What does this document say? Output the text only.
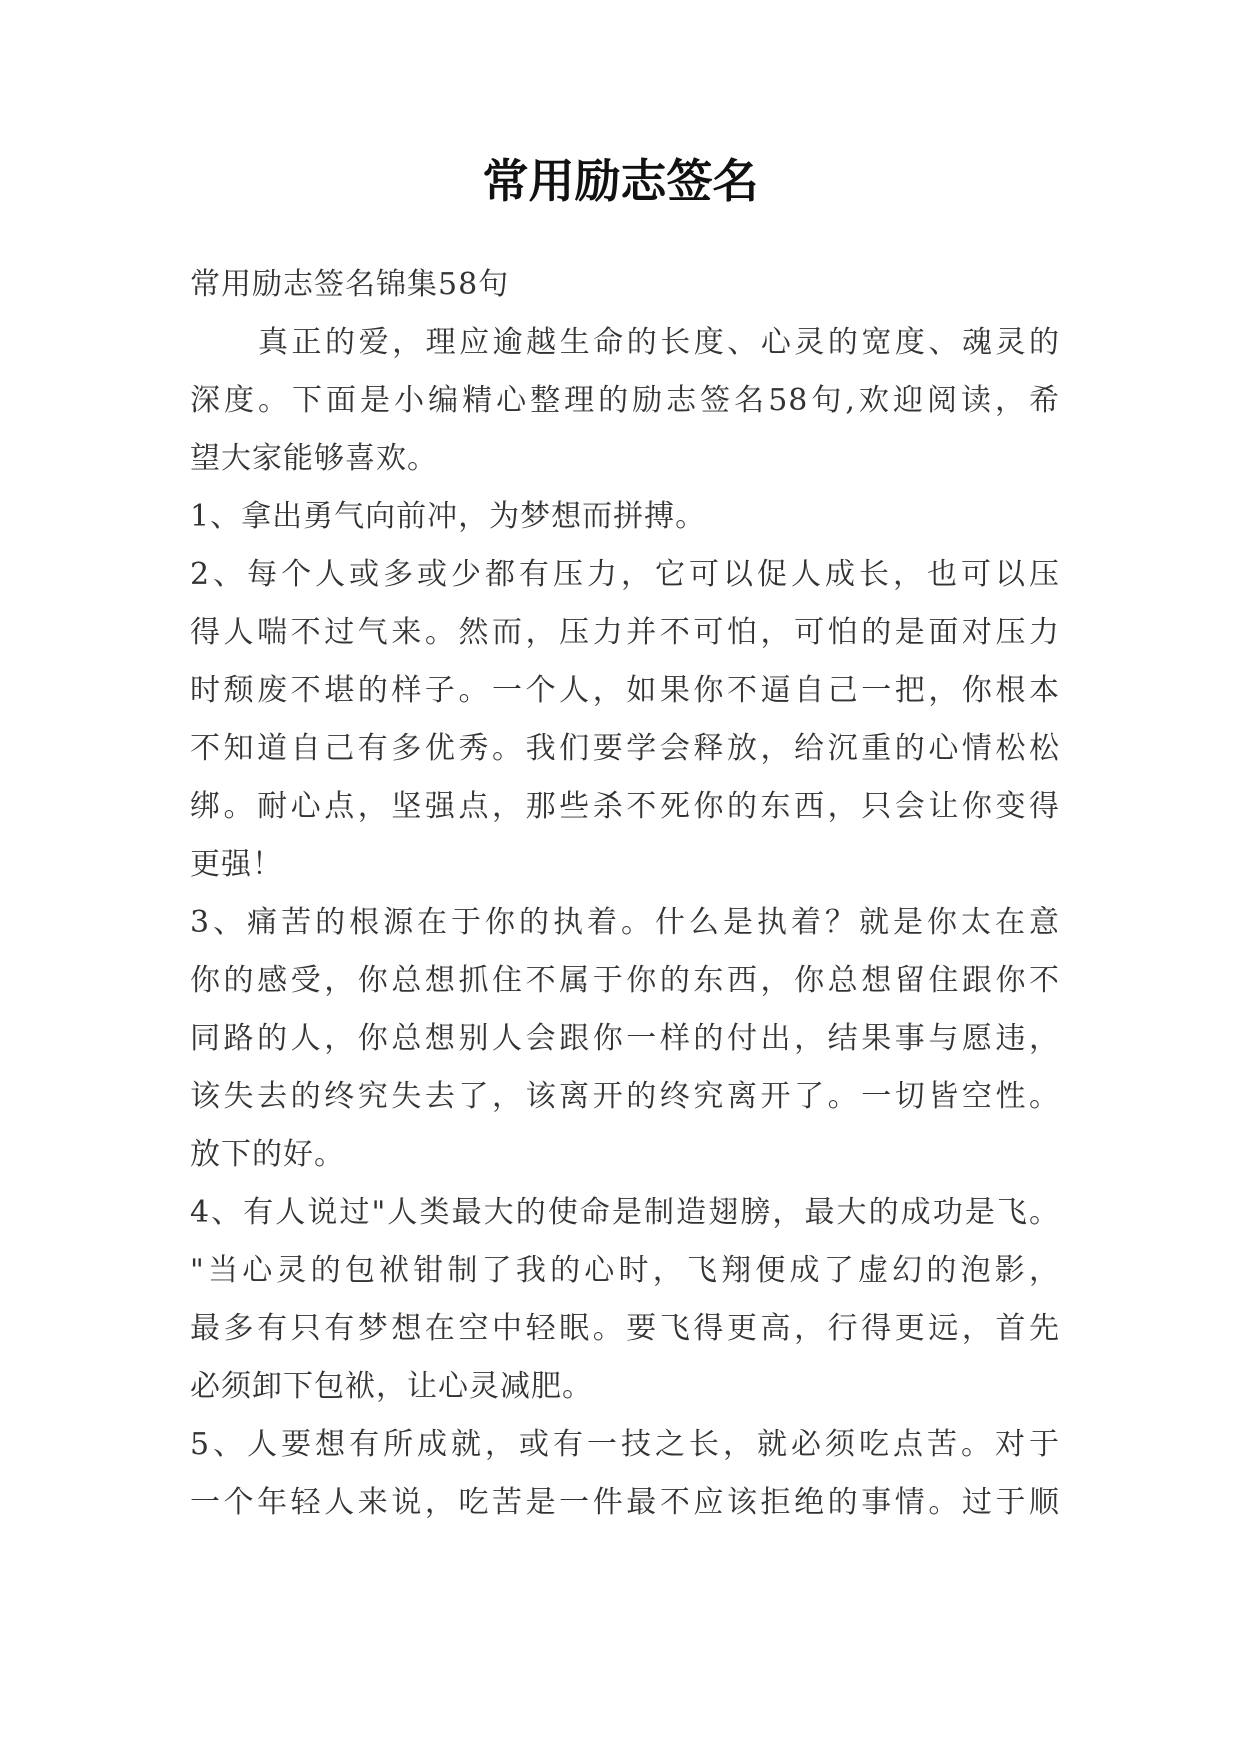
常用励志签名
常用励志签名锦集58句
真正的爱，理应逾越生命的长度、心灵的宽度、魂灵的
深度。下面是小编精心整理的励志签名58句,欢迎阅读，希
望大家能够喜欢。
1、拿出勇气向前冲，为梦想而拼搏。
2、每个人或多或少都有压力，它可以促人成长，也可以压
得人喘不过气来。然而，压力并不可怕，可怕的是面对压力
时颓废不堪的样子。一个人，如果你不逼自己一把，你根本
不知道自己有多优秀。我们要学会释放，给沉重的心情松松
绑。耐心点，坚强点，那些杀不死你的东西，只会让你变得
更强！
3、痛苦的根源在于你的执着。什么是执着？就是你太在意
你的感受，你总想抓住不属于你的东西，你总想留住跟你不
同路的人，你总想别人会跟你一样的付出，结果事与愿违，
该失去的终究失去了，该离开的终究离开了。一切皆空性。
放下的好。
4、有人说过"人类最大的使命是制造翅膀，最大的成功是飞。
"当心灵的包袱钳制了我的心时，飞翔便成了虚幻的泡影，
最多有只有梦想在空中轻眠。要飞得更高，行得更远，首先
必须卸下包袱，让心灵减肥。
5、人要想有所成就，或有一技之长，就必须吃点苦。对于
一个年轻人来说，吃苦是一件最不应该拒绝的事情。过于顺
